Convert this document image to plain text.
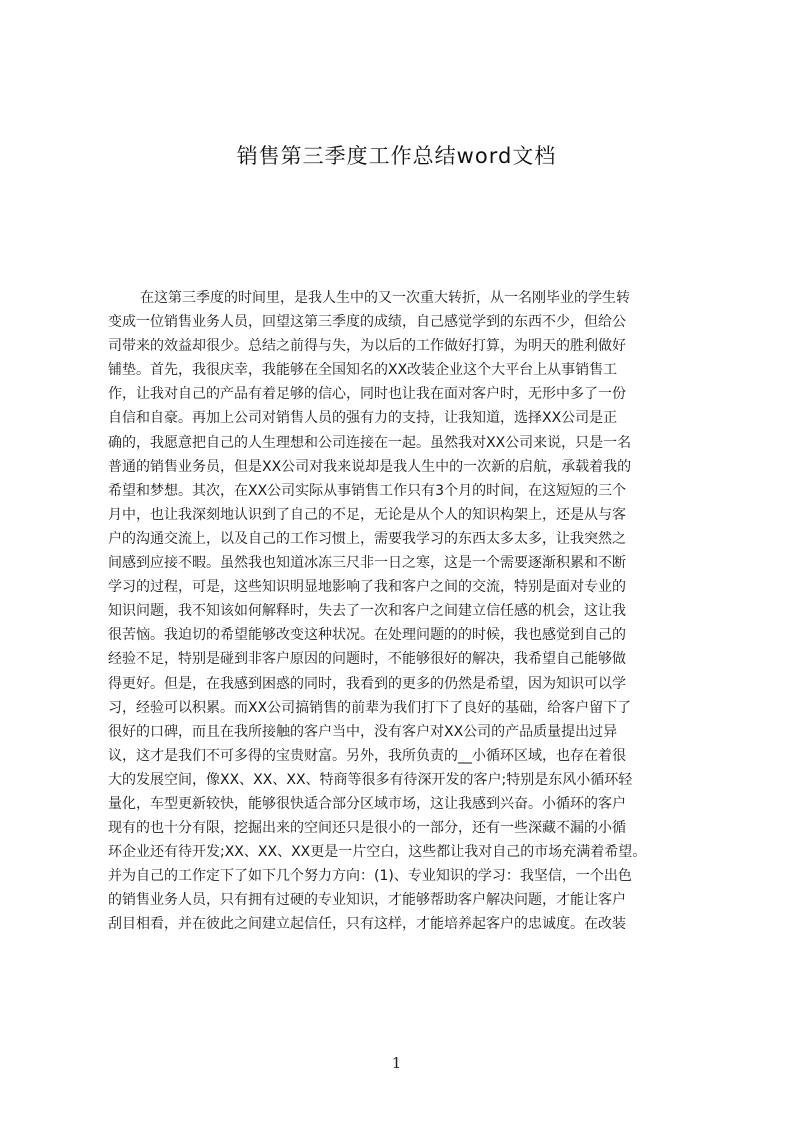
销售第三季度工作总结word文档
在这第三季度的时间里，是我人生中的又一次重大转折，从一名刚毕业的学生转
变成一位销售业务人员，回望这第三季度的成绩，自己感觉学到的东西不少，但给公
司带来的效益却很少。总结之前得与失，为以后的工作做好打算，为明天的胜利做好
铺垫。首先，我很庆幸，我能够在全国知名的XX改装企业这个大平台上从事销售工
作，让我对自己的产品有着足够的信心，同时也让我在面对客户时，无形中多了一份
自信和自豪。再加上公司对销售人员的强有力的支持，让我知道，选择XX公司是正
确的，我愿意把自己的人生理想和公司连接在一起。虽然我对XX公司来说，只是一名
普通的销售业务员，但是XX公司对我来说却是我人生中的一次新的启航，承载着我的
希望和梦想。其次，在XX公司实际从事销售工作只有3个月的时间，在这短短的三个
月中，也让我深刻地认识到了自己的不足，无论是从个人的知识构架上，还是从与客
户的沟通交流上，以及自己的工作习惯上，需要我学习的东西太多太多，让我突然之
间感到应接不暇。虽然我也知道冰冻三尺非一日之寒，这是一个需要逐渐积累和不断
学习的过程，可是，这些知识明显地影响了我和客户之间的交流，特别是面对专业的
知识问题，我不知该如何解释时，失去了一次和客户之间建立信任感的机会，这让我
很苦恼。我迫切的希望能够改变这种状况。在处理问题的的时候，我也感觉到自己的
经验不足，特别是碰到非客户原因的问题时，不能够很好的解决，我希望自己能够做
得更好。但是，在我感到困惑的同时，我看到的更多的仍然是希望，因为知识可以学
习，经验可以积累。而XX公司搞销售的前辈为我们打下了良好的基础，给客户留下了
很好的口碑，而且在我所接触的客户当中，没有客户对XX公司的产品质量提出过异
议，这才是我们不可多得的宝贵财富。另外，我所负责的__小循环区域，也存在着很
大的发展空间，像XX、XX、XX、特商等很多有待深开发的客户;特别是东风小循环轻
量化，车型更新较快，能够很快适合部分区域市场，这让我感到兴奋。小循环的客户
现有的也十分有限，挖掘出来的空间还只是很小的一部分，还有一些深藏不漏的小循
环企业还有待开发;XX、XX、XX更是一片空白，这些都让我对自己的市场充满着希望。
并为自己的工作定下了如下几个努力方向：(1)、专业知识的学习：我坚信，一个出色
的销售业务人员，只有拥有过硬的专业知识，才能够帮助客户解决问题，才能让客户
刮目相看，并在彼此之间建立起信任，只有这样，才能培养起客户的忠诚度。在改装
1
